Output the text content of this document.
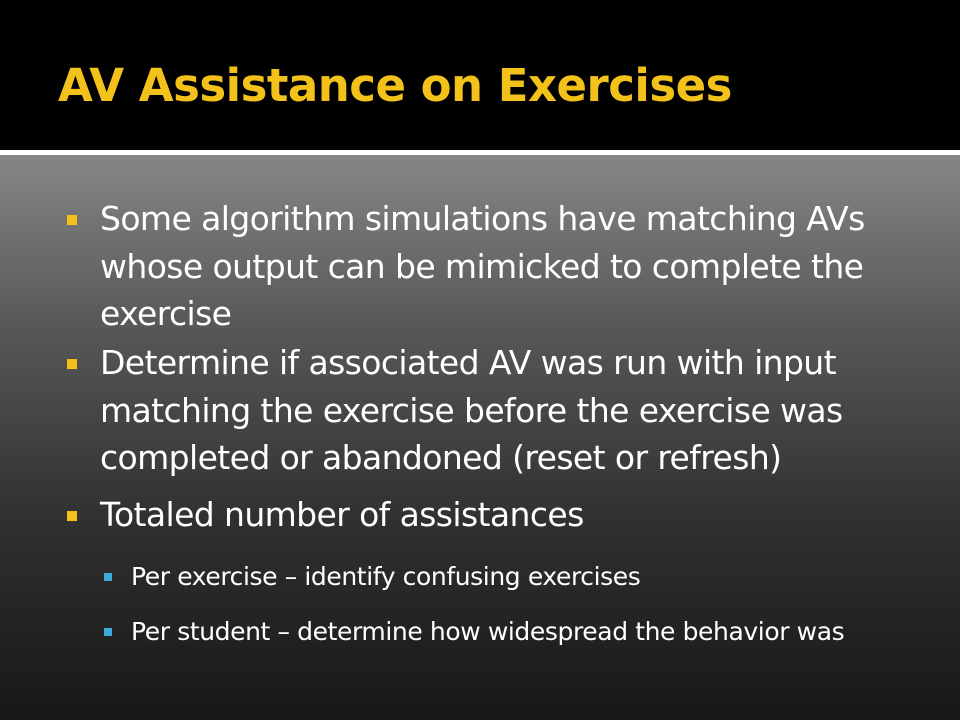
AV Assistance on Exercises
Some algorithm simulations have matching AVs whose output can be mimicked to complete the exercise
Determine if associated AV was run with input matching the exercise before the exercise was completed or abandoned (reset or refresh)
Totaled number of assistances
Per exercise – identify confusing exercises
Per student – determine how widespread the behavior was
